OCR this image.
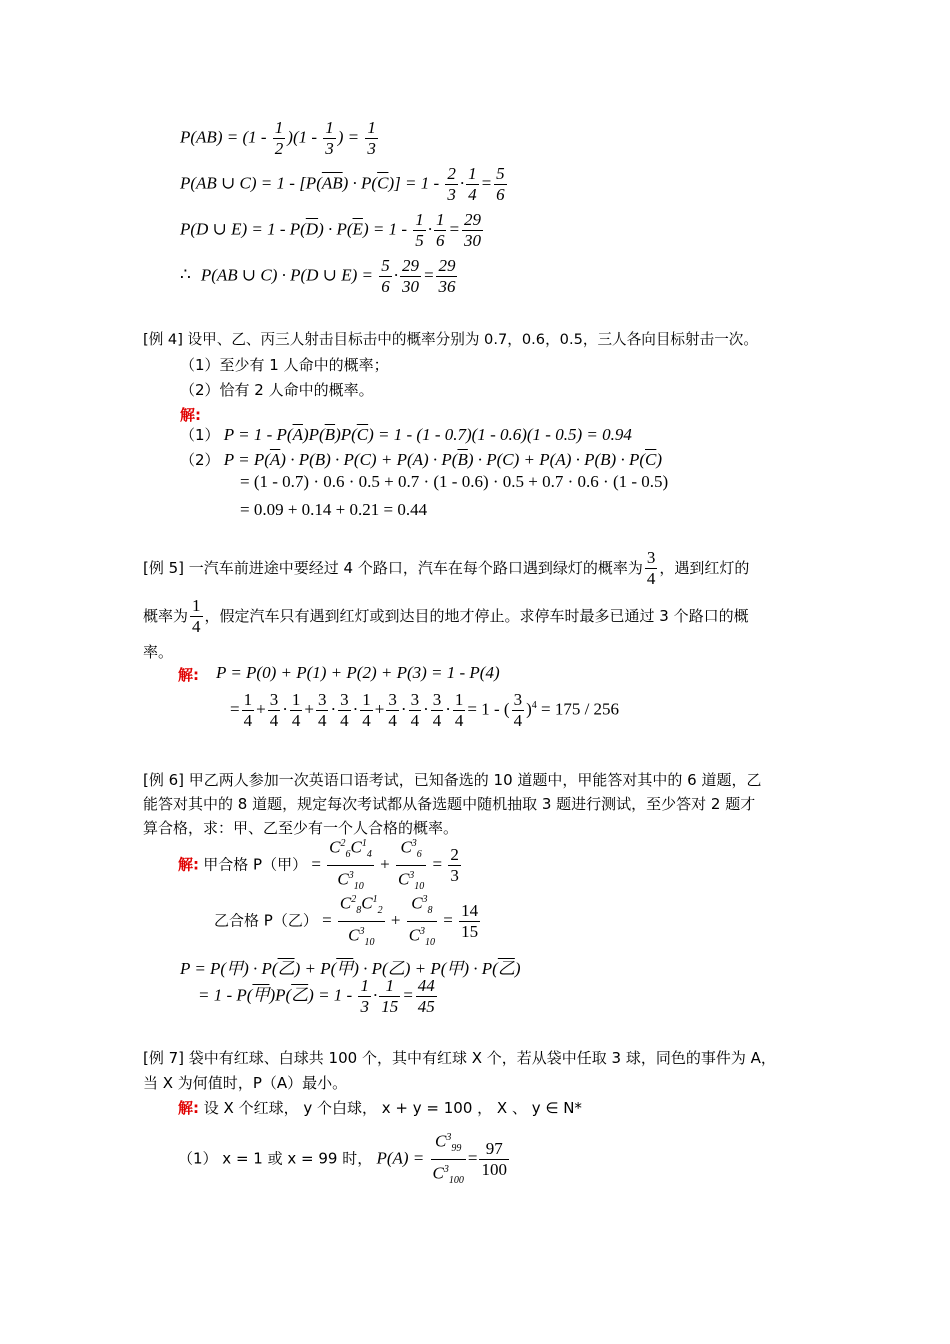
$P(AB) = (1 - \frac{1}{2} )(1 - \frac{1}{3}$ ) = $\frac{1}{3}$
P(AB ∪ $C) = 1 - [P(\overline{AB}) \cdot P(\overline{C})] = 1 - \frac{2}{3} \cdot \frac{1}{4} = \frac{5}{6}$
P(D ∪ $E) = 1 - P(\overline{D}) \cdot P(\overline{E}) = 1 - \frac{1}{5} \cdot \frac{1}{6} = \frac{29}{30}$
∴ P(AB ∪ C) · P(D ∪ $E) = \frac{5}{6} \cdot \frac{29}{30} = \frac{29}{36}$
[例 4] 设甲、乙、丙三人射击目标击中的概率分别为 0.7，0.6，0.5，三人各向目标射击一次。
（1）至少有 1 人命中的概率；
（2）恰有 2 人命中的概率。
解:
（1） $P = 1 - P(\overline{A})P(\overline{B})P(\overline{C}) = 1 - (1 - 0.7)(1 - 0.6)(1 - 0.5) = 0.94$
（2） $P = P(\overline{A}) \cdot P(B) \cdot P(C) + P(A) \cdot P(\overline{B}) \cdot P(C) + P(A) \cdot P(B) \cdot P(\overline{C})$
= (1 - 0.7) · 0.6 · 0.5 + 0.7 · (1 - 0.6) · 0.5 + 0.7 · 0.6 · (1 - 0.5)
= 0.09 + 0.14 + 0.21 = 0.44
[例 5] 一汽车前进途中要经过 4 个路口，汽车在每个路口遇到绿灯的概率为 $\frac{3}{4}$ ，遇到红灯的
概率为 $\frac{1}{4}$ ，假定汽车只有遇到红灯或到达目的地才停止。求停车时最多已通过 3 个路口的概
率。
解: P = P(0) + P(1) + P(2) + P(3) = 1 - P(4)
= $\frac{1}{4} + \frac{3}{4} \cdot \frac{1}{4} + \frac{3}{4} \cdot \frac{3}{4} \cdot \frac{1}{4} + \frac{3}{4} \cdot \frac{3}{4} \cdot \frac{3}{4} \cdot \frac{1}{4} = 1$ - ( $\frac{3}{4} )^4 = 175 / 256$
[例 6] 甲乙两人参加一次英语口语考试，已知备选的 10 道题中，甲能答对其中的 6 道题，乙
能答对其中的 8 道题，规定每次考试都从备选题中随机抽取 3 题进行测试，至少答对 2 题才
算合格，求：甲、乙至少有一个人合格的概率。
解: 甲合格 P（甲） = $\frac{C^2_6C^1_4}{C^3_{10}} + \frac{C^3_6}{C^3_{10}} = \frac{2}{3}$
乙合格 P（乙） = $\frac{C^2_8C^1_2}{C^3_{10}} + \frac{C^3_8}{C^3_{10}} = \frac{14}{15}$
P = P(甲) · P(乙) + P(甲) · P(乙) + P(甲) · P(乙)
= 1 - P(甲)P(乙) = $1 - \frac{1}{3} \cdot \frac{1}{15} = \frac{44}{45}$
[例 7] 袋中有红球、白球共 100 个，其中有红球 X 个，若从袋中任取 3 球，同色的事件为 A，
当 X 为何值时，P（A）最小。
解: 设 X 个红球， y 个白球， x + y = 100 ， X 、 y ∈ N*
（1） x = 1 或 x = 99 时， $P(A) = \frac{C^3_{99}}{C^3_{100}} = \frac{97}{100}$
